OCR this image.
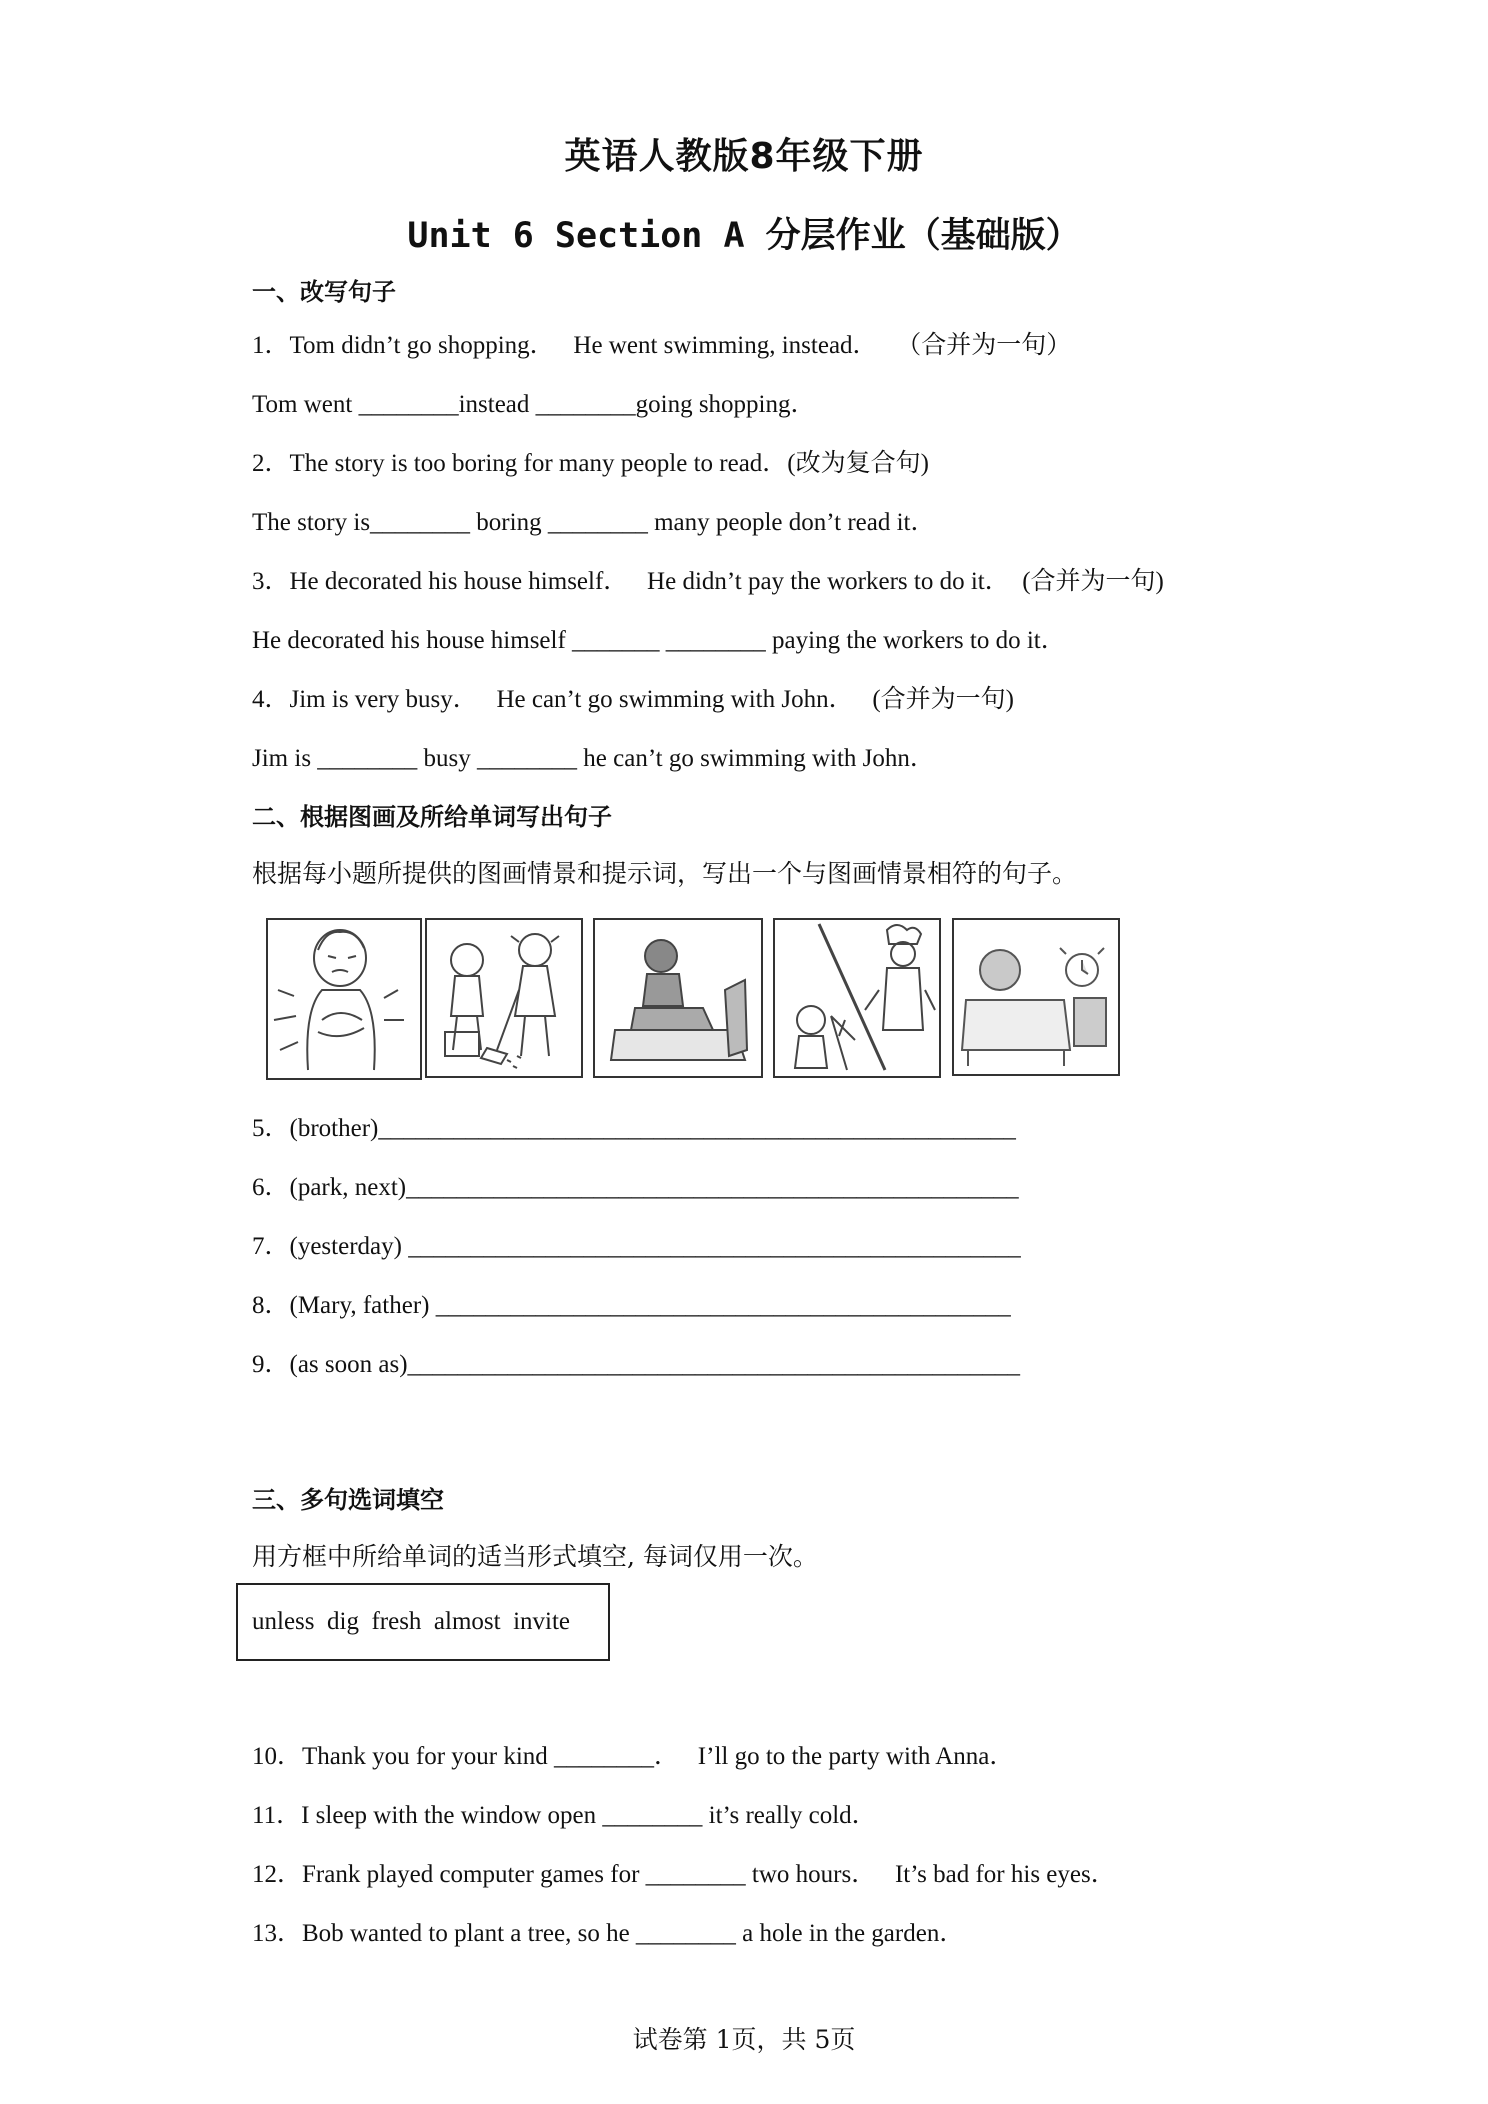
英语人教版8年级下册
Unit 6 Section A 分层作业（基础版）
一、改写句子
1．Tom didn’t go shopping．   He went swimming, instead．   （合并为一句）
Tom went ________instead ________going shopping．
2．The story is too boring for many people to read．(改为复合句)
The story is________ boring ________ many people don’t read it．
3．He decorated his house himself．   He didn’t pay the workers to do it．  (合并为一句)
He decorated his house himself _______ ________ paying the workers to do it．
4．Jim is very busy．   He can’t go swimming with John．   (合并为一句)
Jim is ________ busy ________ he can’t go swimming with John．
二、根据图画及所给单词写出句子
根据每小题所提供的图画情景和提示词，写出一个与图画情景相符的句子。
5．(brother)___________________________________________________
6．(park, next)_________________________________________________
7．(yesterday) _________________________________________________
8．(Mary, father) ______________________________________________
9．(as soon as)_________________________________________________
三、多句选词填空
用方框中所给单词的适当形式填空, 每词仅用一次。
unless  dig  fresh  almost  invite
10．Thank you for your kind ________．   I’ll go to the party with Anna．
11．I sleep with the window open ________ it’s really cold．
12．Frank played computer games for ________ two hours．   It’s bad for his eyes．
13．Bob wanted to plant a tree, so he ________ a hole in the garden．
试卷第 1页，共 5页
